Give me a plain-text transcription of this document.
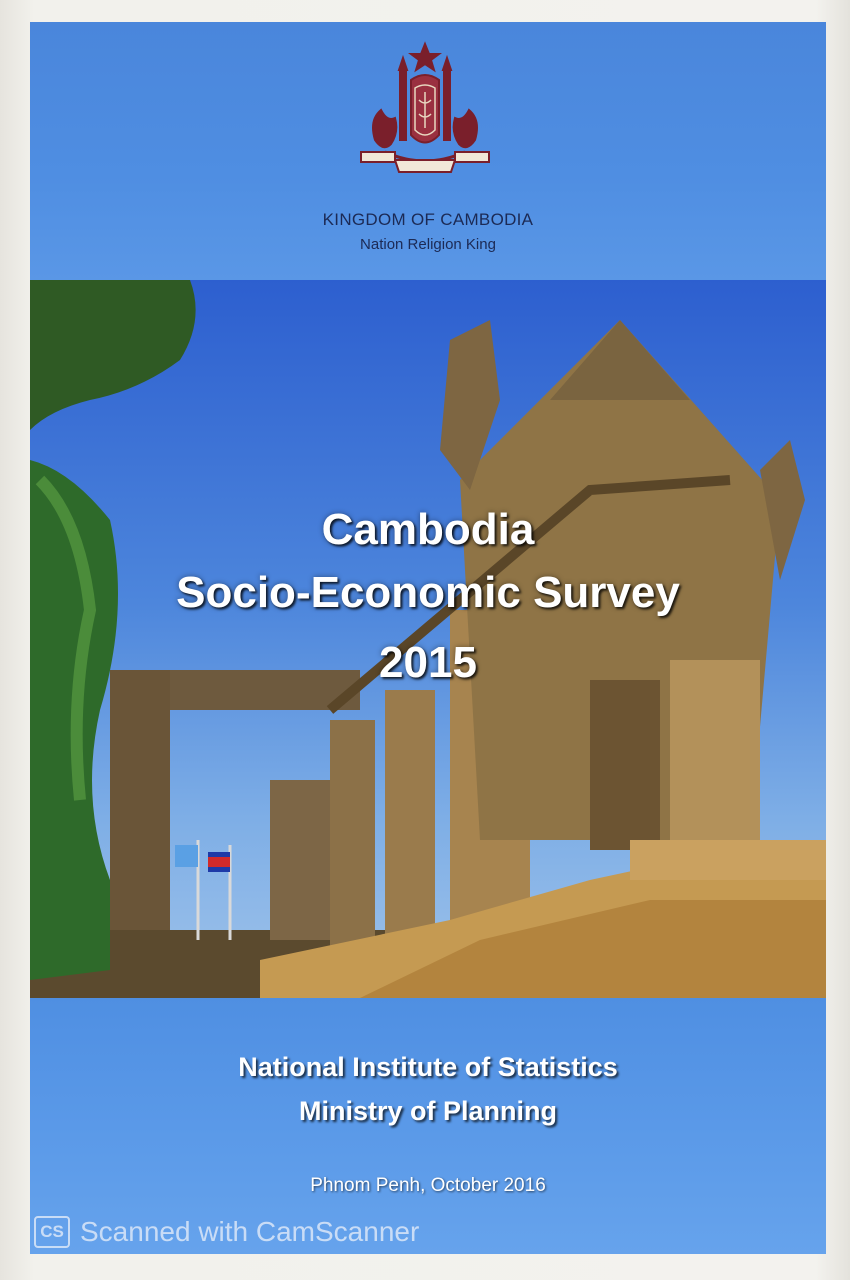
KINGDOM OF CAMBODIA
Nation Religion King
Cambodia
Socio-Economic Survey
2015
National Institute of Statistics
Ministry of Planning
Phnom Penh, October 2016
CS Scanned with CamScanner
